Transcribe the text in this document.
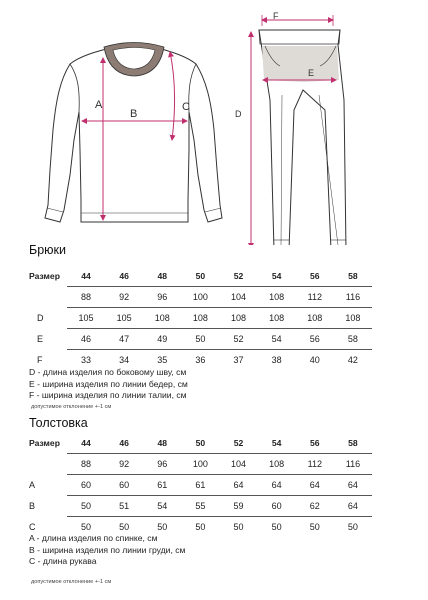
A
B
C
F
E
D
Брюки
Размер	44	46	48	50	52	54	56	58
	88	92	96	100	104	108	112	116
D	105	105	108	108	108	108	108	108
E	46	47	49	50	52	54	56	58
F	33	34	35	36	37	38	40	42
D - длина изделия по боковому шву, см
E - ширина изделия по линии бедер, см
F - ширина изделия по линии талии, см
допустимое отклонение +-1 см
Толстовка
Размер	44	46	48	50	52	54	56	58
	88	92	96	100	104	108	112	116
A	60	60	61	61	64	64	64	64
B	50	51	54	55	59	60	62	64
C	50	50	50	50	50	50	50	50
A - длина изделия по спинке, см
B - ширина изделия по линии груди, см
C - длина рукава
допустимое отклонение +-1 см
